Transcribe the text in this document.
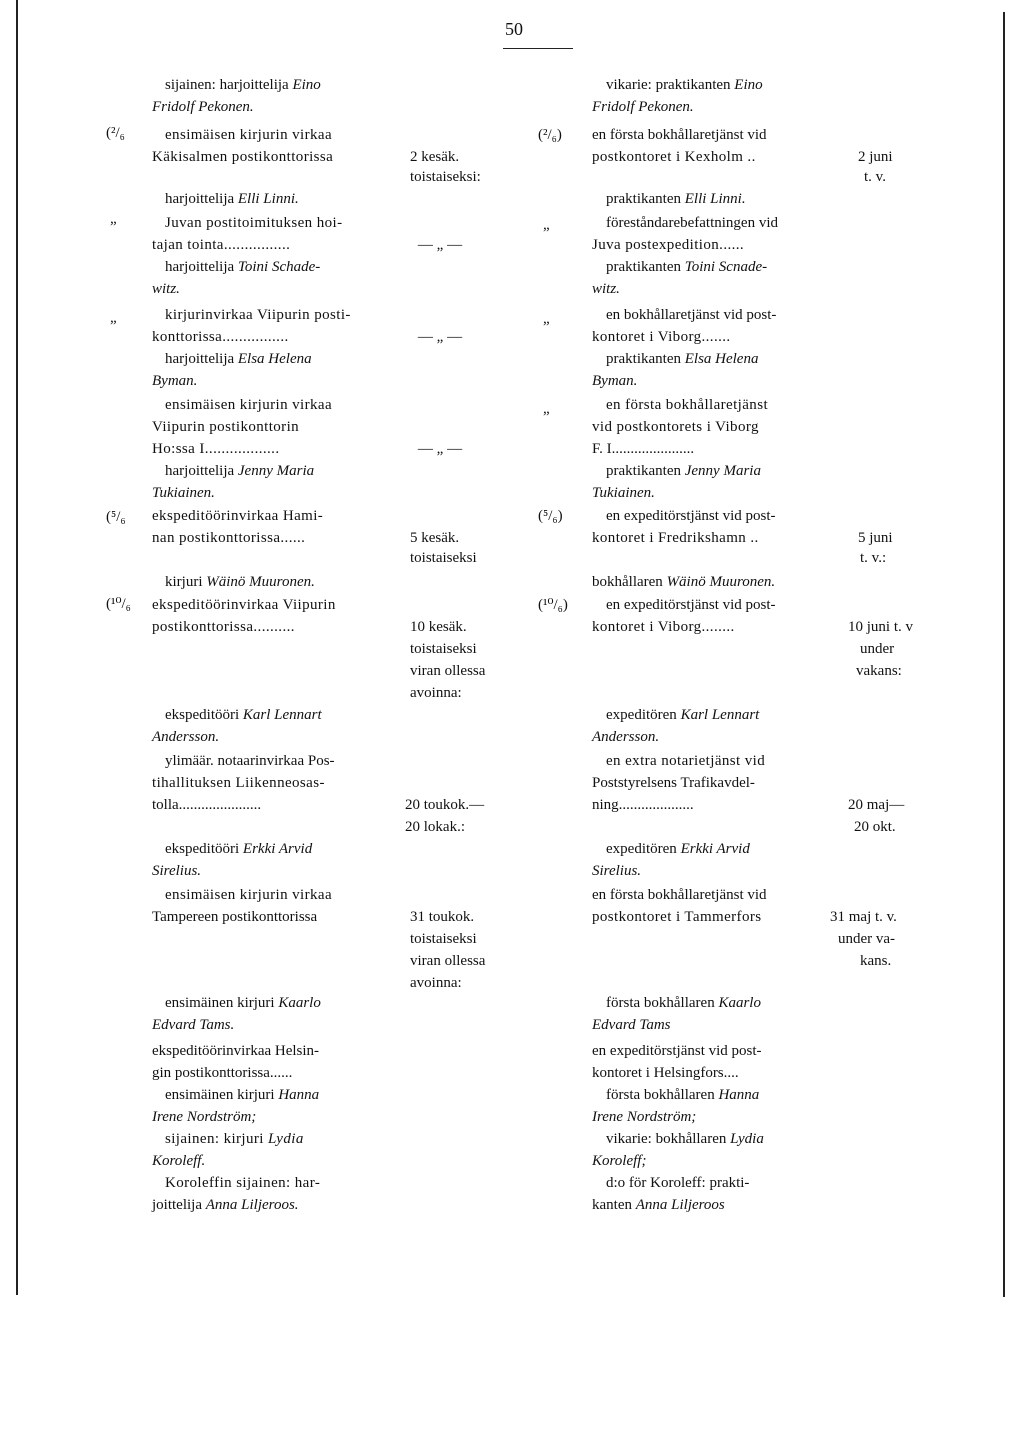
50
(²/₆
„
„
(⁵/₆
(¹⁰/₆
sijainen: harjoittelija Eino
Fridolf Pekonen.
ensimäisen kirjurin virkaa
Käkisalmen postikonttorissa
harjoittelija Elli Linni.
Juvan postitoimituksen hoi-
tajan tointa................
harjoittelija Toini Schade-
witz.
kirjurinvirkaa Viipurin posti-
konttorissa................
harjoittelija Elsa Helena
Byman.
ensimäisen kirjurin virkaa
Viipurin postikonttorin
Ho:ssa I..................
harjoittelija Jenny Maria
Tukiainen.
ekspeditöörinvirkaa Hami-
nan postikonttorissa......
kirjuri Wäinö Muuronen.
ekspeditöörinvirkaa Viipurin
postikonttorissa..........
ekspeditööri Karl Lennart
Andersson.
ylimäär. notaarinvirkaa Pos-
tihallituksen Liikenneosas-
tolla......................
ekspeditööri Erkki Arvid
Sirelius.
ensimäisen kirjurin virkaa
Tampereen postikonttorissa
ensimäinen kirjuri Kaarlo
Edvard Tams.
ekspeditöörinvirkaa Helsin-
gin postikonttorissa......
ensimäinen kirjuri Hanna
Irene Nordström;
sijainen: kirjuri Lydia
Koroleff.
Koroleffin sijainen: har-
joittelija Anna Liljeroos.
2 kesäk.
toistaiseksi:
— „ —
— „ —
— „ —
5 kesäk.
toistaiseksi
10 kesäk.
toistaiseksi
viran ollessa
avoinna:
20 toukok.—
20 lokak.:
31 toukok.
toistaiseksi
viran ollessa
avoinna:
(²/₆)
„
„
„
(⁵/₆)
(¹⁰/₆)
vikarie: praktikanten Eino
Fridolf Pekonen.
en första bokhållaretjänst vid
postkontoret i Kexholm ..
praktikanten Elli Linni.
föreståndarebefattningen vid
Juva postexpedition......
praktikanten Toini Scnade-
witz.
en bokhållaretjänst vid post-
kontoret i Viborg.......
praktikanten Elsa Helena
Byman.
en första bokhållaretjänst
vid postkontorets i Viborg
F. I......................
praktikanten Jenny Maria
Tukiainen.
en expeditörstjänst vid post-
kontoret i Fredrikshamn ..
bokhållaren Wäinö Muuronen.
en expeditörstjänst vid post-
kontoret i Viborg........
expeditören Karl Lennart
Andersson.
en extra notarietjänst vid
Poststyrelsens Trafikavdel-
ning....................
expeditören Erkki Arvid
Sirelius.
en första bokhållaretjänst vid
postkontoret i Tammerfors
första bokhållaren Kaarlo
Edvard Tams
en expeditörstjänst vid post-
kontoret i Helsingfors....
första bokhållaren Hanna
Irene Nordström;
vikarie: bokhållaren Lydia
Koroleff;
d:o för Koroleff: prakti-
kanten Anna Liljeroos
2 juni
t. v.
5 juni
t. v.:
10 juni t. v
under
vakans:
20 maj—
20 okt.
31 maj t. v.
under va-
kans.
